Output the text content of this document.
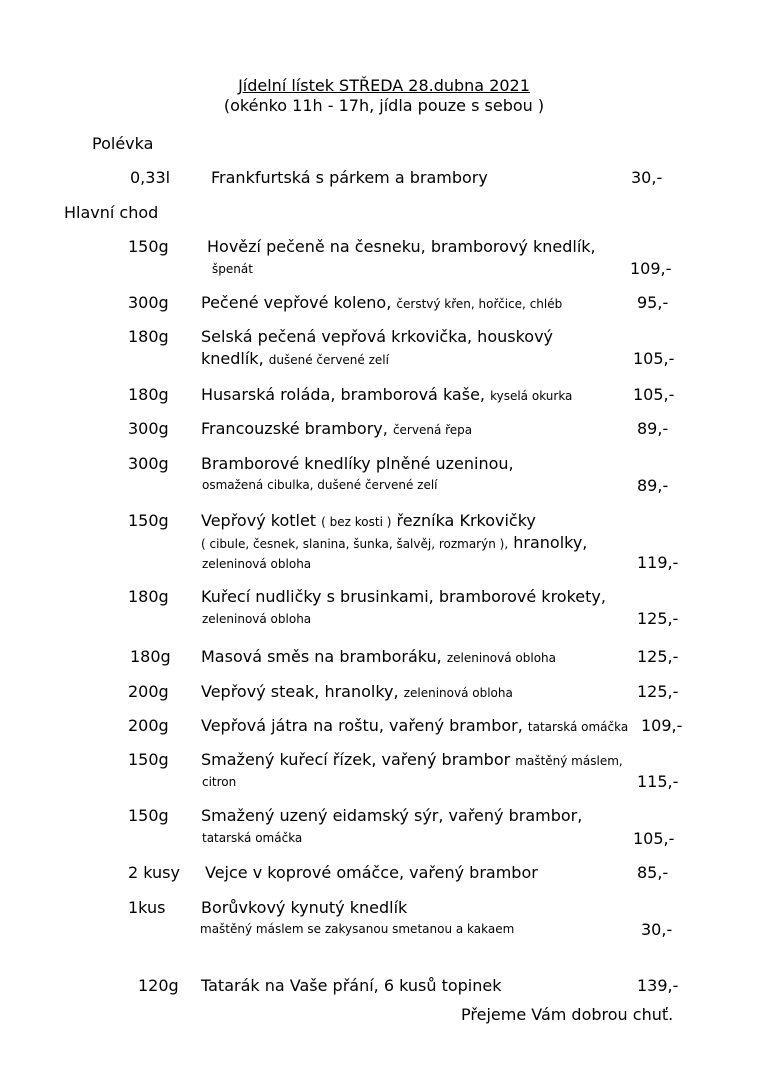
Jídelní lístek STŘEDA 28.dubna 2021
(okénko 11h - 17h, jídla pouze s sebou )
Polévka
0,33l	Frankfurtská s párkem a brambory	30,-
Hlavní chod
150g Hovězí pečeně na česneku, bramborový knedlík,
špenát	109,-
300g Pečené vepřové koleno, čerstvý křen, hořčice, chléb	95,-
180g Selská pečená vepřová krkovička, houskový
knedlík, dušené červené zelí	105,-
180g Husarská roláda, bramborová kaše, kyselá okurka	105,-
300g Francouzské brambory, červená řepa	89,-
300g Bramborové knedlíky plněné uzeninou,
osmažená cibulka, dušené červené zelí	89,-
150g Vepřový kotlet ( bez kosti ) řezníka Krkovičky
( cibule, česnek, slanina, šunka, šalvěj, rozmarýn ), hranolky,
zeleninová obloha	119,-
180g Kuřecí nudličky s brusinkami, bramborové krokety,
zeleninová obloha	125,-
180g Masová směs na bramboráku, zeleninová obloha	125,-
200g Vepřový steak, hranolky, zeleninová obloha	125,-
200g Vepřová játra na roštu, vařený brambor, tatarská omáčka 109,-
150g Smažený kuřecí řízek, vařený brambor maštěný máslem,
citron	115,-
150g Smažený uzený eidamský sýr, vařený brambor,
tatarská omáčka	105,-
2 kusy Vejce v koprové omáčce, vařený brambor	85,-
1kus Borůvkový kynutý knedlík
maštěný máslem se zakysanou smetanou a kakaem	30,-
120g Tatarák na Vaše přání, 6 kusů topinek	139,-
Přejeme Vám dobrou chuť.
